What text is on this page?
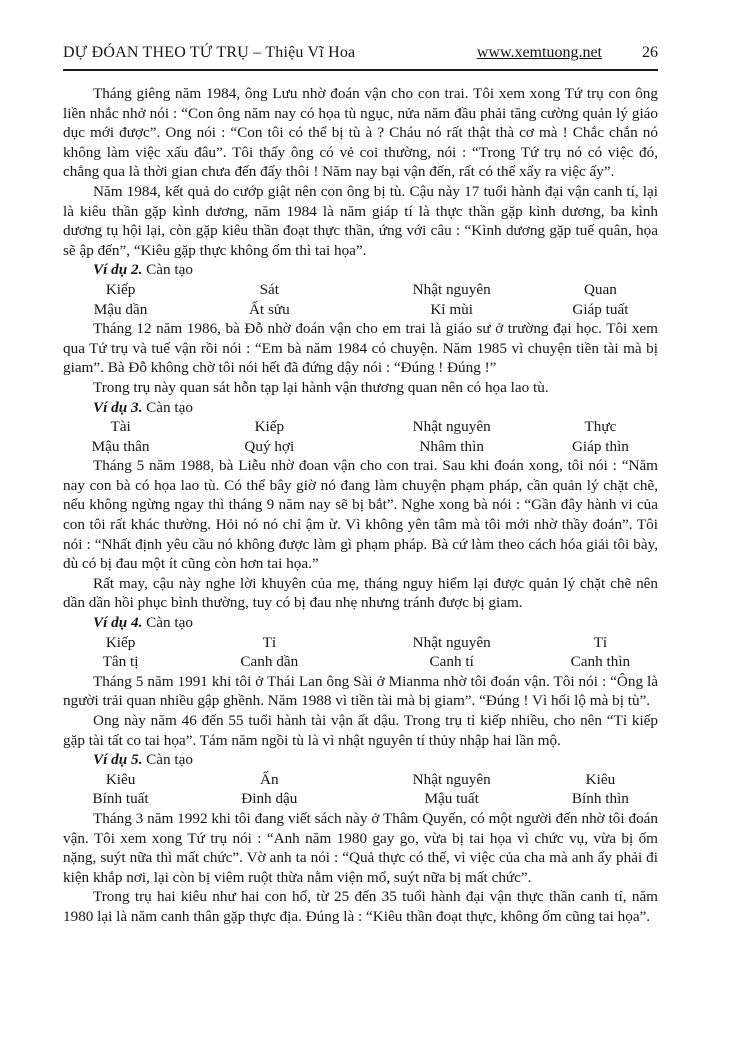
DỰ ĐÓAN THEO TỨ TRỤ – Thiệu Vĩ Hoa	www.xemtuong.net	26

Tháng giêng năm 1984, ông Lưu nhờ đoán vận cho con trai. Tôi xem xong Tứ trụ con ông liền nhắc nhở nói : “Con ông năm nay có họa tù ngục, nửa năm đầu phải tăng cường quản lý giáo dục mới được”. Ong nói : “Con tôi có thể bị tù à ? Cháu nó rất thật thà cơ mà ! Chắc chắn nó không làm việc xấu đâu”. Tôi thấy ông có vẻ coi thường, nói : “Trong Tứ trụ nó có việc đó, chẳng qua là thời gian chưa đến đấy thôi ! Năm nay bại vận đến, rất có thể xẩy ra việc ấy”.

Năm 1984, kết quả do cướp giật nên con ông bị tù. Cậu này 17 tuổi hành đại vận canh tí, lại là kiêu thần gặp kình dương, năm 1984 là năm giáp tí là thực thần gặp kình dương, ba kình dương tụ hội lại, còn gặp kiêu thần đoạt thực thần, ứng với câu : “Kình dương gặp tuế quân, họa sẽ ập đến”, “Kiêu gặp thực không ốm thì tai họa”.

Ví dụ 2. Càn tạo

Kiếp	Sát	Nhật nguyên	Quan
Mậu dần	Ất sửu	Kỉ mùi	Giáp tuất

Tháng 12 năm 1986, bà Đỗ nhờ đoán vận cho em trai là giáo sư ở trường đại học. Tôi xem qua Tứ trụ và tuế vận rồi nói : “Em bà năm 1984 có chuyện. Năm 1985 vì chuyện tiền tài mà bị giam”. Bà Đỗ không chờ tôi nói hết đã đứng dậy nói : “Đúng ! Đúng !”

Trong trụ này quan sát hỗn tạp lại hành vận thương quan nên có họa lao tù.

Ví dụ 3. Càn tạo

Tài	Kiếp	Nhật nguyên	Thực
Mậu thân	Quý hợi	Nhâm thìn	Giáp thìn

Tháng 5 năm 1988, bà Liễu nhờ đoan vận cho con trai. Sau khi đoán xong, tôi nói : “Năm nay con bà có họa lao tù. Có thể bây giờ nó đang làm chuyện phạm pháp, cần quản lý chặt chẽ, nếu không ngừng ngay thì tháng 9 năm nay sẽ bị bắt”. Nghe xong bà nói : “Gần đây hành vi của con tôi rất khác thường. Hỏi nó nó chỉ ậm ừ. Vì không yên tâm mà tôi mới nhờ thầy đoán”. Tôi nói : “Nhất định yêu cầu nó không được làm gì phạm pháp. Bà cứ làm theo cách hóa giải tôi bày, dù có bị đau một ít cũng còn hơn tai họa.”

Rất may, cậu này nghe lời khuyên của mẹ, tháng nguy hiểm lại được quản lý chặt chẽ nên dần dần hồi phục bình thường, tuy có bị đau nhẹ nhưng tránh được bị giam.

Ví dụ 4. Càn tạo

Kiếp	Tỉ	Nhật nguyên	Tỉ
Tân tị	Canh dần	Canh tí	Canh thìn

Tháng 5 năm 1991 khi tôi ở Thái Lan ông Sài ở Mianma nhờ tôi đoán vận. Tôi nói : “Ông là người trải quan nhiều gập ghềnh. Năm 1988 vì tiền tài mà bị giam”. “Đúng ! Vì hối lộ mà bị tù”.

Ong này năm 46 đến 55 tuổi hành tài vận ất dậu. Trong trụ tỉ kiếp nhiều, cho nên “Tỉ kiếp gặp tài tất co tai họa”. Tám năm ngồi tù là vì nhật nguyên tí thủy nhập hai lần mộ.

Ví dụ 5. Càn tạo

Kiêu	Ấn	Nhật nguyên	Kiêu
Bính tuất	Đinh dậu	Mậu tuất	Bính thìn

Tháng 3 năm 1992 khi tôi đang viết sách này ở Thâm Quyến, có một người đến nhờ tôi đoán vận. Tôi xem xong Tứ trụ nói : “Anh năm 1980 gay go, vừa bị tai họa vì chức vụ, vừa bị ốm nặng, suýt nữa thì mất chức”. Vờ anh ta nói : “Quả thực có thế, vì việc của cha mà anh ấy phải đi kiện khắp nơi, lại còn bị viêm ruột thừa nằm viện mổ, suýt nữa bị mất chức”.

Trong trụ hai kiêu như hai con hổ, từ 25 đến 35 tuổi hành đại vận thực thần canh tí, năm 1980 lại là năm canh thân gặp thực địa. Đúng là : “Kiêu thần đoạt thực, không ốm cũng tai họa”.
